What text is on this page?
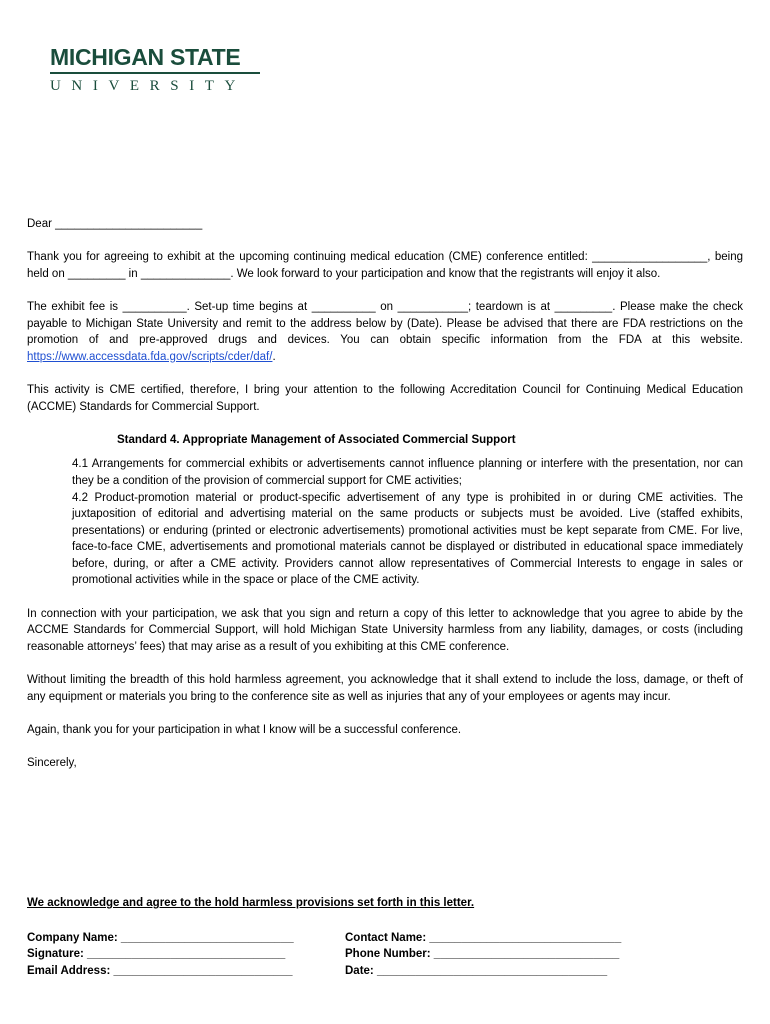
MICHIGAN STATE
UNIVERSITY

Dear _______________________

Thank you for agreeing to exhibit at the upcoming continuing medical education (CME) conference entitled: __________________, being held on _________ in ______________. We look forward to your participation and know that the registrants will enjoy it also.

The exhibit fee is __________. Set-up time begins at __________ on ___________; teardown is at _________. Please make the check payable to Michigan State University and remit to the address below by (Date). Please be advised that there are FDA restrictions on the promotion of and pre-approved drugs and devices. You can obtain specific information from the FDA at this website. https://www.accessdata.fda.gov/scripts/cder/daf/.

This activity is CME certified, therefore, I bring your attention to the following Accreditation Council for Continuing Medical Education (ACCME) Standards for Commercial Support.

Standard 4. Appropriate Management of Associated Commercial Support

4.1 Arrangements for commercial exhibits or advertisements cannot influence planning or interfere with the presentation, nor can they be a condition of the provision of commercial support for CME activities;
4.2 Product-promotion material or product-specific advertisement of any type is prohibited in or during CME activities. The juxtaposition of editorial and advertising material on the same products or subjects must be avoided. Live (staffed exhibits, presentations) or enduring (printed or electronic advertisements) promotional activities must be kept separate from CME. For live, face-to-face CME, advertisements and promotional materials cannot be displayed or distributed in educational space immediately before, during, or after a CME activity. Providers cannot allow representatives of Commercial Interests to engage in sales or promotional activities while in the space or place of the CME activity.

In connection with your participation, we ask that you sign and return a copy of this letter to acknowledge that you agree to abide by the ACCME Standards for Commercial Support, will hold Michigan State University harmless from any liability, damages, or costs (including reasonable attorneys’ fees) that may arise as a result of you exhibiting at this CME conference.

Without limiting the breadth of this hold harmless agreement, you acknowledge that it shall extend to include the loss, damage, or theft of any equipment or materials you bring to the conference site as well as injuries that any of your employees or agents may incur.

Again, thank you for your participation in what I know will be a successful conference.

Sincerely,

We acknowledge and agree to the hold harmless provisions set forth in this letter.
Company Name: ___________________________
Signature: _______________________________
Email Address: ____________________________
Contact Name: ______________________________
Phone Number: _____________________________
Date: ____________________________________
